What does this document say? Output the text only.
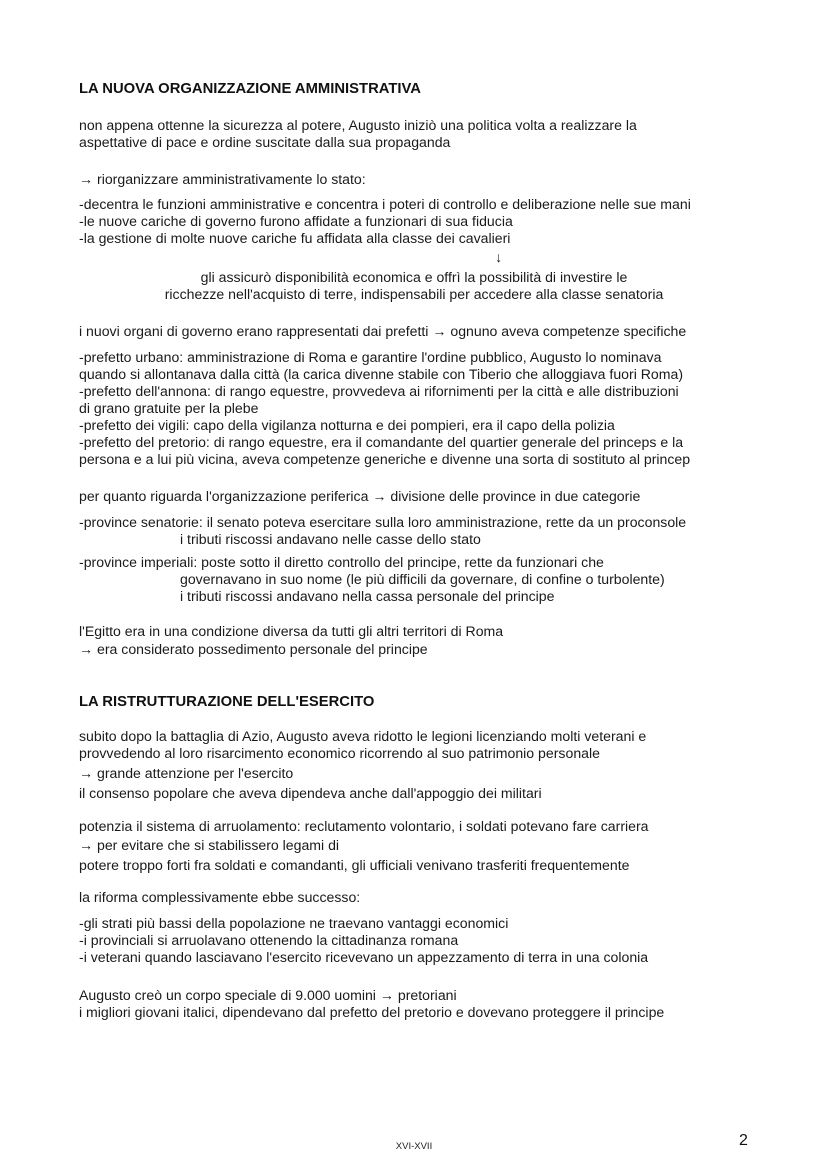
LA NUOVA ORGANIZZAZIONE AMMINISTRATIVA
non appena ottenne la sicurezza al potere, Augusto iniziò una politica volta a realizzare la
aspettative di pace e ordine suscitate dalla sua propaganda
→ riorganizzare amministrativamente lo stato:
-decentra le funzioni amministrative e concentra i poteri di controllo e deliberazione nelle sue mani
-le nuove cariche di governo furono affidate a funzionari di sua fiducia
-la gestione di molte nuove cariche fu affidata alla classe dei cavalieri
↓
gli assicurò disponibilità economica e offrì la possibilità di investire le
ricchezze nell'acquisto di terre, indispensabili per accedere alla classe senatoria
i nuovi organi di governo erano rappresentati dai prefetti → ognuno aveva competenze specifiche
-prefetto urbano: amministrazione di Roma e garantire l'ordine pubblico, Augusto lo nominava
quando si allontanava dalla città (la carica divenne stabile con Tiberio che alloggiava fuori Roma)
-prefetto dell'annona: di rango equestre, provvedeva ai rifornimenti per la città e alle distribuzioni
di grano gratuite per la plebe
-prefetto dei vigili: capo della vigilanza notturna e dei pompieri, era il capo della polizia
-prefetto del pretorio: di rango equestre, era il comandante del quartier generale del princeps e la
persona e a lui più vicina, aveva competenze generiche e divenne una sorta di sostituto al princep
per quanto riguarda l'organizzazione periferica → divisione delle province in due categorie
-province senatorie: il senato poteva esercitare sulla loro amministrazione, rette da un proconsole
i tributi riscossi andavano nelle casse dello stato
-province imperiali: poste sotto il diretto controllo del principe, rette da funzionari che
governavano in suo nome (le più difficili da governare, di confine o turbolente)
i tributi riscossi andavano nella cassa personale del principe
l'Egitto era in una condizione diversa da tutti gli altri territori di Roma
→ era considerato possedimento personale del principe
LA RISTRUTTURAZIONE DELL'ESERCITO
subito dopo la battaglia di Azio, Augusto aveva ridotto le legioni licenziando molti veterani e
provvedendo al loro risarcimento economico ricorrendo al suo patrimonio personale
→ grande attenzione per l'esercito
il consenso popolare che aveva dipendeva anche dall'appoggio dei militari
potenzia il sistema di arruolamento: reclutamento volontario, i soldati potevano fare carriera
→ per evitare che si stabilissero legami di
potere troppo forti fra soldati e comandanti, gli ufficiali venivano trasferiti frequentemente
la riforma complessivamente ebbe successo:
-gli strati più bassi della popolazione ne traevano vantaggi economici
-i provinciali si arruolavano ottenendo la cittadinanza romana
-i veterani quando lasciavano l'esercito ricevevano un appezzamento di terra in una colonia
Augusto creò un corpo speciale di 9.000 uomini → pretoriani
i migliori giovani italici, dipendevano dal prefetto del pretorio e dovevano proteggere il principe
XVI-XVII	2
